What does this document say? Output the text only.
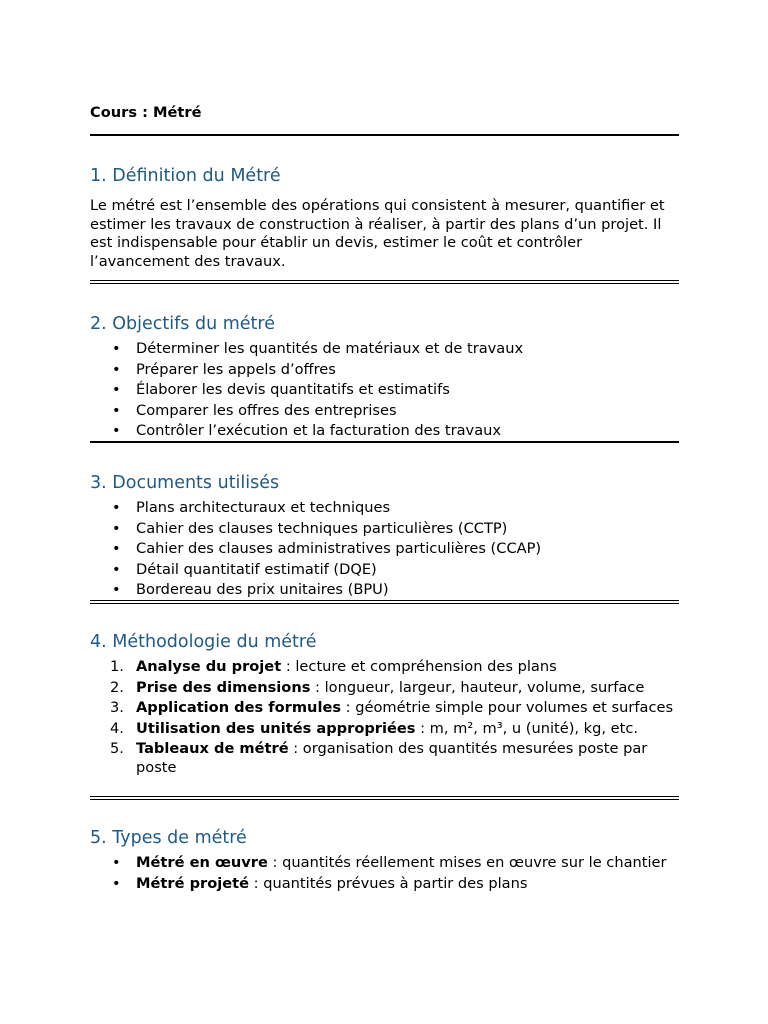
Cours : Métré

1. Définition du Métré

Le métré est l’ensemble des opérations qui consistent à mesurer, quantifier et estimer les travaux de construction à réaliser, à partir des plans d’un projet. Il est indispensable pour établir un devis, estimer le coût et contrôler l’avancement des travaux.

2. Objectifs du métré
• Déterminer les quantités de matériaux et de travaux
• Préparer les appels d’offres
• Élaborer les devis quantitatifs et estimatifs
• Comparer les offres des entreprises
• Contrôler l’exécution et la facturation des travaux
3. Documents utilisés
• Plans architecturaux et techniques
• Cahier des clauses techniques particulières (CCTP)
• Cahier des clauses administratives particulières (CCAP)
• Détail quantitatif estimatif (DQE)
• Bordereau des prix unitaires (BPU)
4. Méthodologie du métré
1. Analyse du projet : lecture et compréhension des plans
2. Prise des dimensions : longueur, largeur, hauteur, volume, surface
3. Application des formules : géométrie simple pour volumes et surfaces
4. Utilisation des unités appropriées : m, m², m³, u (unité), kg, etc.
5. Tableaux de métré : organisation des quantités mesurées poste par poste
5. Types de métré
• Métré en œuvre : quantités réellement mises en œuvre sur le chantier
• Métré projeté : quantités prévues à partir des plans
